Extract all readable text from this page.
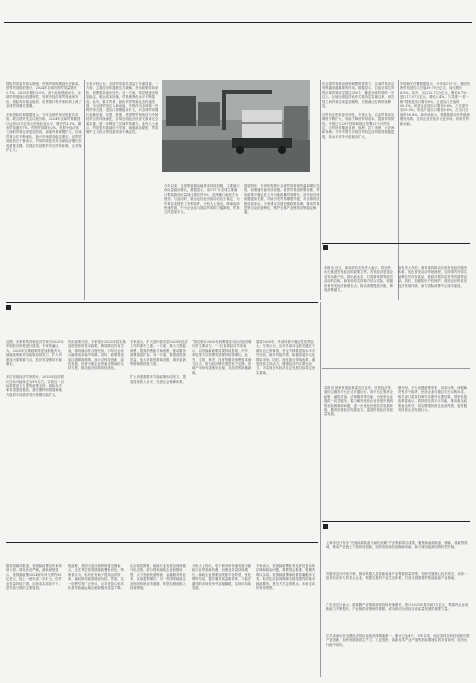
国际贸易复苏势头增强，货物贸易规模创历史新高。世界贸易组织预计，2024年全球货物贸易量增长2.7%，2025年增长3.0%，高于此前预测水平。全球贸易展现出较强韧性，发展中经济体贸易表现突出。国际货币基金组织、世界银行等多家机构上调了全球贸易增长预期。

多家国际机构数据显示，今年全球贸易呈现复苏态势。联合国贸发会议报告称，2024年全球贸易额预计达到33万亿美元的创纪录水平，增长约3.3%。服务贸易增长7%，货物贸易增长2%。发展中经济体之间的贸易往来更加密切，南南贸易规模扩大，区域贸易合作不断深化，新兴市场需求稳定增长。世界贸易组织总干事表示，贸易持续复苏对全球经济增长形成重要支撑，各国应共同维护多边贸易体制，反对保护主义。
专家分析认为，全球贸易复苏得益于多重因素。一方面，主要经济体通胀压力缓解，货币政策转向宽松，消费需求逐步回升；另一方面，供应链逐步恢复稳定，航运成本回落，贸易便利化水平不断提高。此外，数字贸易、绿色贸易等新业态快速发展，为全球贸易注入新动能。中国作为全球第一货物贸易大国，进出口规模稳步扩大，对全球贸易增长贡献显著。东盟、欧盟、美国等贸易伙伴与中国经贸合作持续深化，区域全面经济伙伴关系协定全面实施，进一步释放了区域贸易潜力。业内人士表示，贸易复苏基础仍不牢固，地缘政治紧张、贸易保护主义抬头等因素带来不确定性。
今年以来，全球集装箱运输需求持续回暖，主要港口吞吐量稳步增长。数据显示，前11个月全球主要港口集装箱吞吐量同比增长约5%，亚洲港口表现尤为强劲。与此同时，航运运价经历波动后趋于稳定，为贸易往来提供了有利条件。分析人士指出，跨境电商快速发展，中小企业参与国际贸易的门槛降低，贸易主体更加多元。
展望明年，多家机构预计全球贸易将保持温和增长态势，但增速可能有所放缓。世界贸易组织警告称，贸易政策不确定性上升可能拖累贸易增长。部分经济体酝酿提高关税，可能引发贸易摩擦升级，对全球供应链造成冲击。专家建议各国加强政策协调，推动贸易投资自由化便利化，维护全球产业链供应链稳定畅通。
在全球贸易格局深刻调整的背景下，区域贸易协定发挥越来越重要的作用。数据显示，目前全球生效的区域贸易协定超过350个，覆盖全球贸易的一半以上。区域全面经济伙伴关系协定实施以来，成员国之间贸易往来更加便利，关税减让红利持续释放。

自贸协定带来更多韧性。专家认为，自由贸易协定网络不断扩大，有助于降低贸易成本，提高贸易韧性。中国已与29个国家和地区签署22个自贸协定，自贸伙伴覆盖亚洲、欧洲、拉丁美洲、大洋洲和非洲。今年中国与多国自贸协定谈判取得积极进展，高水平对外开放稳步扩大。
中国海关总署数据显示，今年前11个月，我国货物贸易进出口总值39.79万亿元，同比增长4.9%。其中，出口22.72万亿元，增长6.7%；进口17.07万亿元，增长2.4%。与共建"一带一路"国家进出口增长6%，占进出口总值的50.3%。民营企业进出口增长8.8%，占比提升至55.5%。机电产品出口增长8.4%，占出口总值的59.4%。商务部表示，将继续推动外贸稳规模优结构，支持企业开拓多元化市场，培育外贸新动能。
本报讯 近日，商务部有关负责人表示，将加快出台推进首发经济的政策文件。首发经济是指企业发布新产品、推出新业态、打造新场景等经济活动的总称。商务部将支持地方结合实际，积极培育首发经济新增长点，推动消费提质升级，释放消费潜力。
该负责人介绍，商务部将推动完善首发经济服务体系，优化首发活动审批流程，支持国内外知名品牌在华首发新品，鼓励开展首店首秀首展等活动。同时，加强知识产权保护，营造良好的首发经济发展环境，助力国际消费中心城市建设。
本报讯 国家发展改革委近日宣布，民营经济发展综合服务平台正式开通运行。该平台汇集涉企政策、融资对接、法律服务等功能，为民营企业提供一站式服务，着力解决民营企业发展中遇到的实际困难和问题，进一步优化民营经济发展环境，激发民营经济发展活力，促进民营经济高质量发展。
据介绍，平台设置政策发布、诉求反映、问题解决等多个板块，民营企业可通过平台反映诉求，相关部门将及时研究办理并反馈结果。国家发展改革委表示，将持续完善平台功能，推动惠企政策直达快享，切实增强民营企业获得感，更好服务民营企业发展壮大。
上海市近日发布“光速能源装备与绿色低碳”产业集群项目成果，聚焦新能源装备、储能、氢能等领域，推动产业链上下游协同创新，加快培育绿色低碳新动能，助力城市能源结构转型升级。
安徽省近日印发方案，推动机器人及智能装备产业集群质量转型，加快关键核心技术攻关，培育一批具有竞争力的龙头企业，构建完善的产业生态体系，打造全国重要的智能装备产业基地。
广东省近日表示，群威腾产业集群营收持续快速增长，预计2025年将突破1万亿元，集群内企业创新能力不断提升，产业链供应链韧性增强，成为推动全省经济高质量发展的重要力量。
江苏省南京市近期经济指标连续获得增速第一，累计已达4个。今年以来，南京坚持以科技创新引领产业创新，加快发展新质生产力，工业投资、高新技术产业产值等指标增速位居全省前列，经济运行稳中向好。
近期，多家机构首席经济学家对2025年中国经济形势进行展望。专家普遍认为，2025年宏观政策将更加积极有为，财政政策和货币政策协同发力，扩大内需成为重要着力点，经济有望保持平稳增长。

多位首席经济学家预计，2025年经济增长目标可能设定为5%左右。实现这一目标需要更大力度的政策支持，财政赤字率有望适度提高，超长期特别国债和地方政府专项债券发行规模可能扩大。
货币政策方面，专家预计2025年将实施适度宽松的货币政策，降准降息仍有空间，保持流动性合理充裕，引导社会综合融资成本稳中有降。同时，政策将更加注重精准施策，加大对科技创新、绿色发展、民营小微企业等重点领域的支持力度，推动经济结构持续优化。
专家表示，扩大国内需求是2025年经济工作的重中之重。一方面，要大力提振消费，提高消费能力和意愿，推动服务消费提质扩容；另一方面，要提高投资效益，加大对新型基础设施、城市更新等领域的投资力度。

扩大内需需要多方面政策协同发力，提高居民收入水平，完善社会保障体系。
“我们预计2025年消费将成为拉动经济增长的主要动力。”一位首席经济学家表示，以旧换新政策效果持续显现，汽车、家电等大宗消费有望保持较快增长。此外，文旅、养老、托育等服务消费需求潜力巨大，将为经济增长提供有力支撑。房地产市场有望逐步企稳，对经济的拖累减弱。
展望2025年，外部环境不确定性依然较大。专家认为，应对外部冲击的关键在于做好自己的事情，坚定不移推进高水平对外开放，稳外贸稳外资，积极拓展多元化国际市场。同时，深化重点领域改革，激发经营主体活力，增强经济内生增长动力，为实现全年经济社会发展目标奠定坚实基础。
据美国媒体报道，美国邮政署近年来持续亏损，财务状况严峻。最新财报显示，美国邮政署2024财年净亏损约95亿美元，较上一财年进一步扩大。信件业务量持续下滑，运营成本居高不下，是导致亏损的主要原因。
报道称，美国当选总统特朗普近期表示，正在考虑将美国邮政署私有化。特朗普认为，私有化有助于提高运营效率，减轻联邦政府财政负担。然而，这一设想引发广泛争议，反对者担心私有化将导致偏远地区邮政服务质量下降。

从全球范围看，邮政行业发展呈现两极分化态势。部分国家邮政企业积极转型，大力发展快递物流、金融服务等业务，实现盈利增长；另一些国家邮政企业则因传统业务萎缩、转型迟缓而陷入经营困境。
分析人士指出，电子商务的快速发展为邮政行业带来新机遇，包裹业务量持续增长。邮政企业需要加快数字化转型，优化网络布局，提升服务质量和效率，才能在激烈的市场竞争中站稳脚跟，实现可持续发展。
专家表示，美国邮政署私有化涉及复杂的法律和政治问题，需要国会批准，短期内难以实现。美国邮政署承担着普遍服务义务，私有化后如何保障全国范围内的基本邮政服务，是各方关注的焦点。未来走向仍有待观察。
